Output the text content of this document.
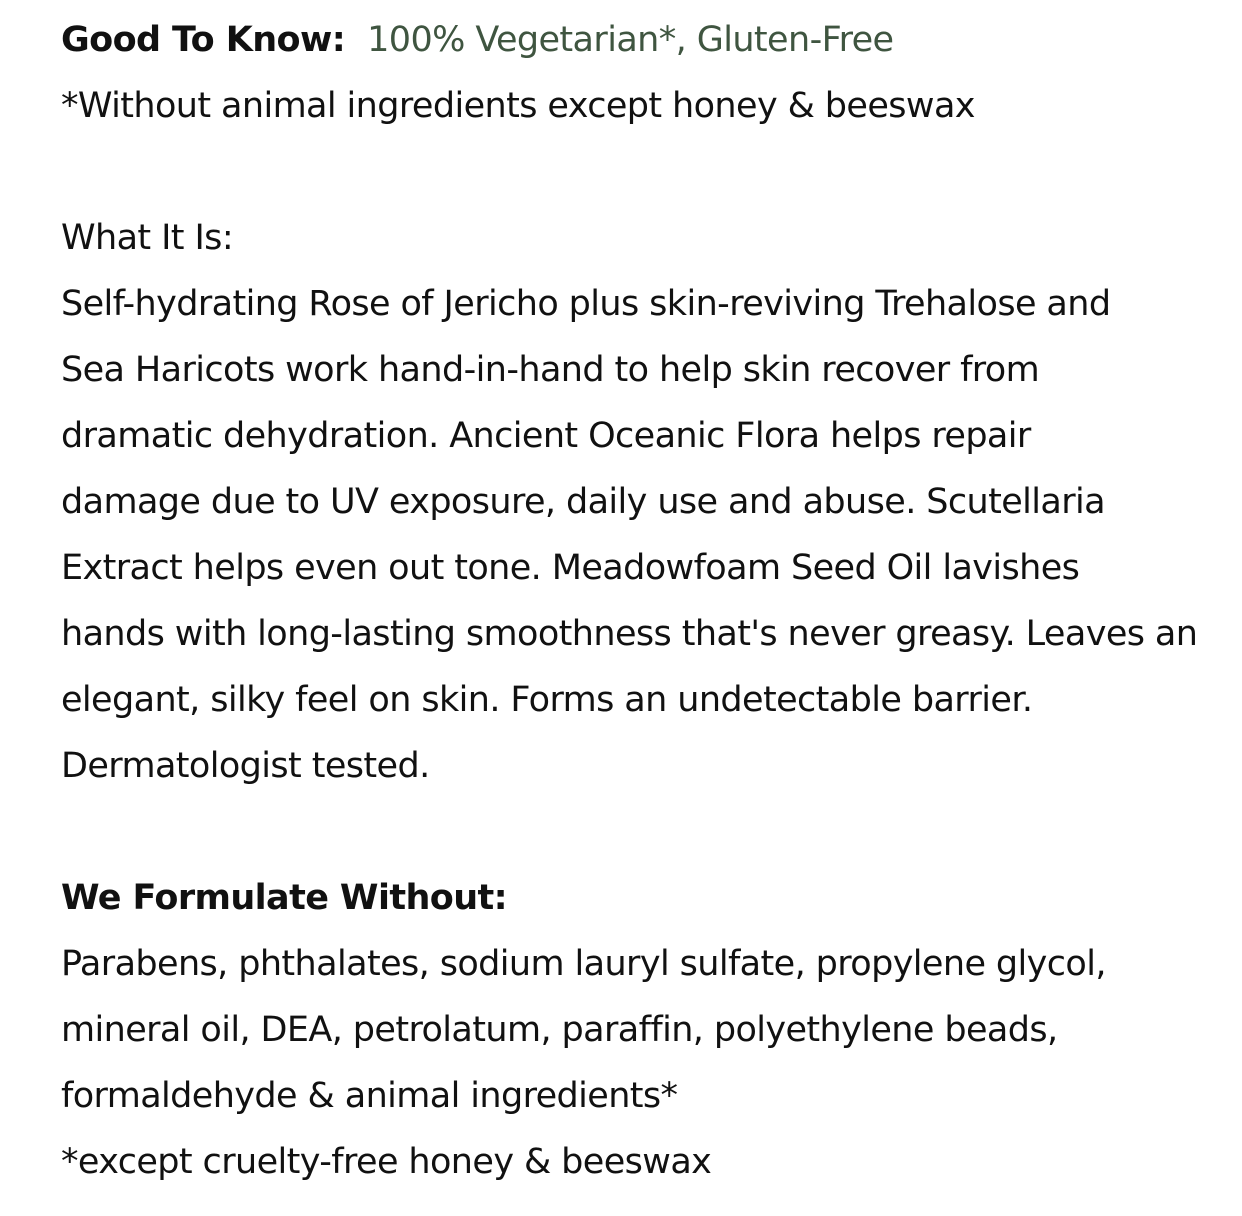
Good To Know: 100% Vegetarian*, Gluten-Free
*Without animal ingredients except honey & beeswax
What It Is:
Self-hydrating Rose of Jericho plus skin-reviving Trehalose and
Sea Haricots work hand-in-hand to help skin recover from
dramatic dehydration. Ancient Oceanic Flora helps repair
damage due to UV exposure, daily use and abuse. Scutellaria
Extract helps even out tone. Meadowfoam Seed Oil lavishes
hands with long-lasting smoothness that's never greasy. Leaves an
elegant, silky feel on skin. Forms an undetectable barrier.
Dermatologist tested.
We Formulate Without:
Parabens, phthalates, sodium lauryl sulfate, propylene glycol,
mineral oil, DEA, petrolatum, paraffin, polyethylene beads,
formaldehyde & animal ingredients*
*except cruelty-free honey & beeswax
